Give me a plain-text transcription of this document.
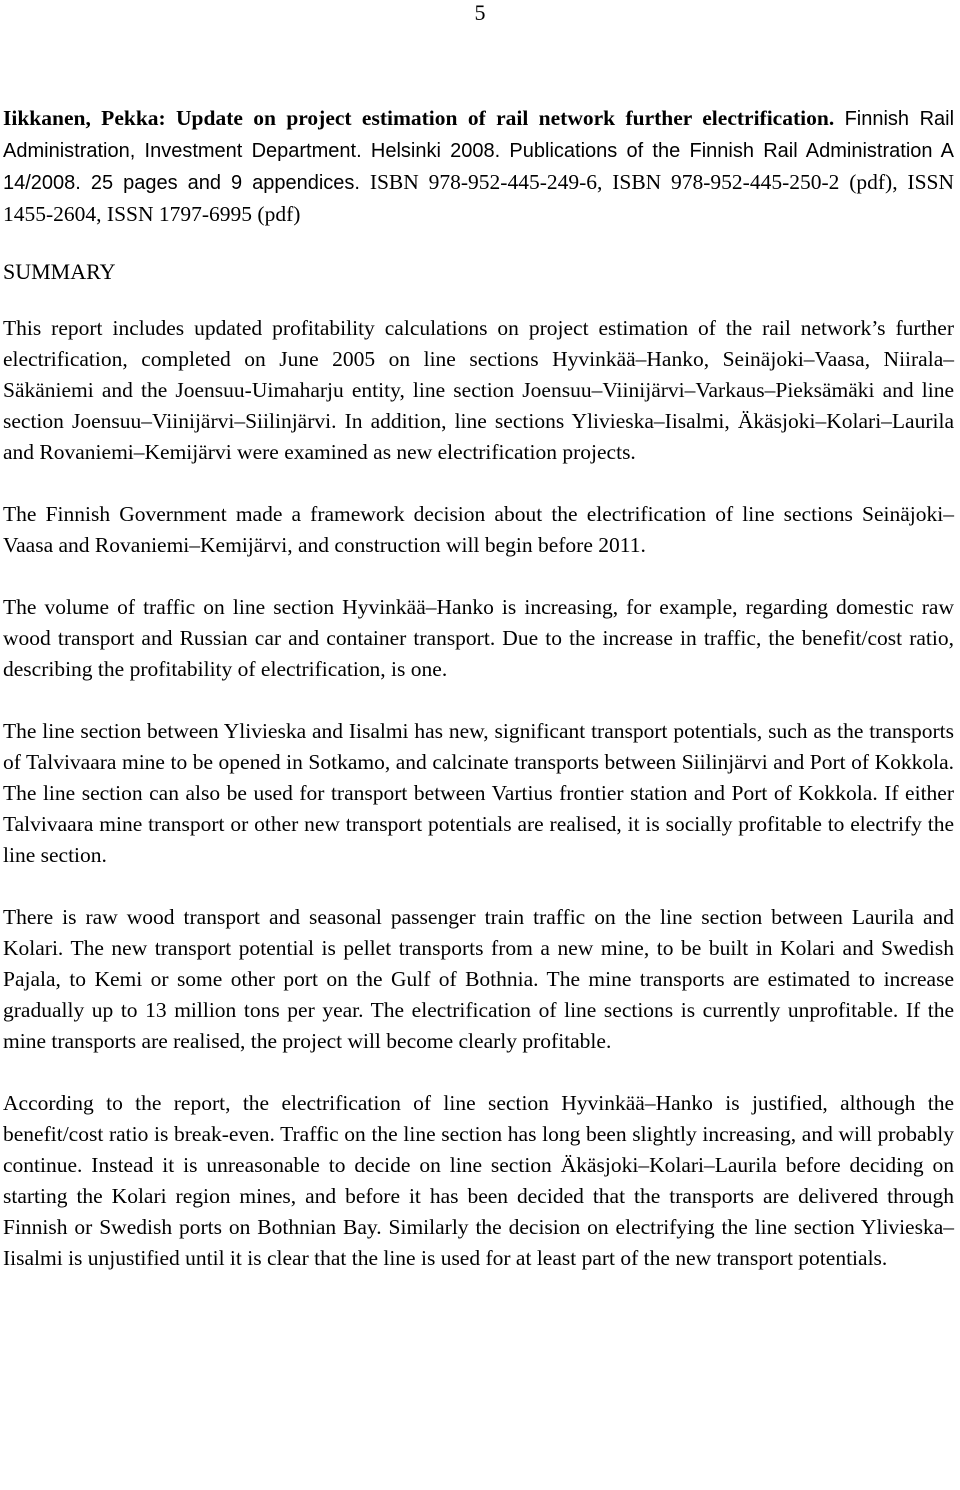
5

Iikkanen, Pekka: Update on project estimation of rail network further electrification. Finnish Rail Administration, Investment Department. Helsinki 2008. Publications of the Finnish Rail Administration A 14/2008. 25 pages and 9 appendices. ISBN 978-952-445-249-6, ISBN 978-952-445-250-2 (pdf), ISSN 1455-2604, ISSN 1797-6995 (pdf)

SUMMARY

This report includes updated profitability calculations on project estimation of the rail network’s further electrification, completed on June 2005 on line sections Hyvinkää–Hanko, Seinäjoki–Vaasa, Niirala–Säkäniemi and the Joensuu-Uimaharju entity, line section Joensuu–Viinijärvi–Varkaus–Pieksämäki and line section Joensuu–Viinijärvi–Siilinjärvi. In addition, line sections Ylivieska–Iisalmi, Äkäsjoki–Kolari–Laurila and Rovaniemi–Kemijärvi were examined as new electrification projects.

The Finnish Government made a framework decision about the electrification of line sections Seinäjoki–Vaasa and Rovaniemi–Kemijärvi, and construction will begin before 2011.

The volume of traffic on line section Hyvinkää–Hanko is increasing, for example, regarding domestic raw wood transport and Russian car and container transport. Due to the increase in traffic, the benefit/cost ratio, describing the profitability of electrification, is one.

The line section between Ylivieska and Iisalmi has new, significant transport potentials, such as the transports of Talvivaara mine to be opened in Sotkamo, and calcinate transports between Siilinjärvi and Port of Kokkola. The line section can also be used for transport between Vartius frontier station and Port of Kokkola. If either Talvivaara mine transport or other new transport potentials are realised, it is socially profitable to electrify the line section.

There is raw wood transport and seasonal passenger train traffic on the line section between Laurila and Kolari. The new transport potential is pellet transports from a new mine, to be built in Kolari and Swedish Pajala, to Kemi or some other port on the Gulf of Bothnia. The mine transports are estimated to increase gradually up to 13 million tons per year. The electrification of line sections is currently unprofitable. If the mine transports are realised, the project will become clearly profitable.

According to the report, the electrification of line section Hyvinkää–Hanko is justified, although the benefit/cost ratio is break-even. Traffic on the line section has long been slightly increasing, and will probably continue. Instead it is unreasonable to decide on line section Äkäsjoki–Kolari–Laurila before deciding on starting the Kolari region mines, and before it has been decided that the transports are delivered through Finnish or Swedish ports on Bothnian Bay. Similarly the decision on electrifying the line section Ylivieska–Iisalmi is unjustified until it is clear that the line is used for at least part of the new transport potentials.
